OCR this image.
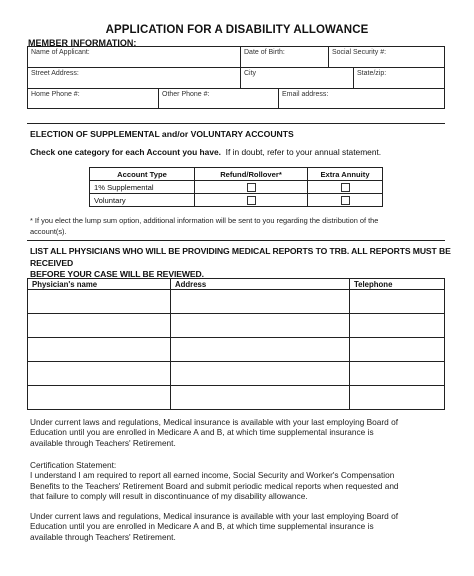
APPLICATION FOR A DISABILITY ALLOWANCE
MEMBER INFORMATION:
Name of Applicant:	Date of Birth:	Social Security #:
Street Address:	City	State/zip:
Home Phone #:	Other Phone #:	Email address:
ELECTION OF SUPPLEMENTAL and/or VOLUNTARY ACCOUNTS
Check one category for each Account you have. If in doubt, refer to your annual statement.
Account Type	Refund/Rollover*	Extra Annuity
1% Supplemental		
Voluntary		
* If you elect the lump sum option, additional information will be sent to you regarding the distribution of the
account(s).
LIST ALL PHYSICIANS WHO WILL BE PROVIDING MEDICAL REPORTS TO TRB. ALL REPORTS MUST BE RECEIVED
BEFORE YOUR CASE WILL BE REVIEWED.
Physician's name	Address	Telephone

Under current laws and regulations, Medical insurance is available with your last employing Board of
Education until you are enrolled in Medicare A and B, at which time supplemental insurance is
available through Teachers' Retirement.
Certification Statement:
I understand I am required to report all earned income, Social Security and Worker's Compensation
Benefits to the Teachers' Retirement Board and submit periodic medical reports when requested and
that failure to comply will result in discontinuance of my disability allowance.
Under current laws and regulations, Medical insurance is available with your last employing Board of
Education until you are enrolled in Medicare A and B, at which time supplemental insurance is
available through Teachers' Retirement.
